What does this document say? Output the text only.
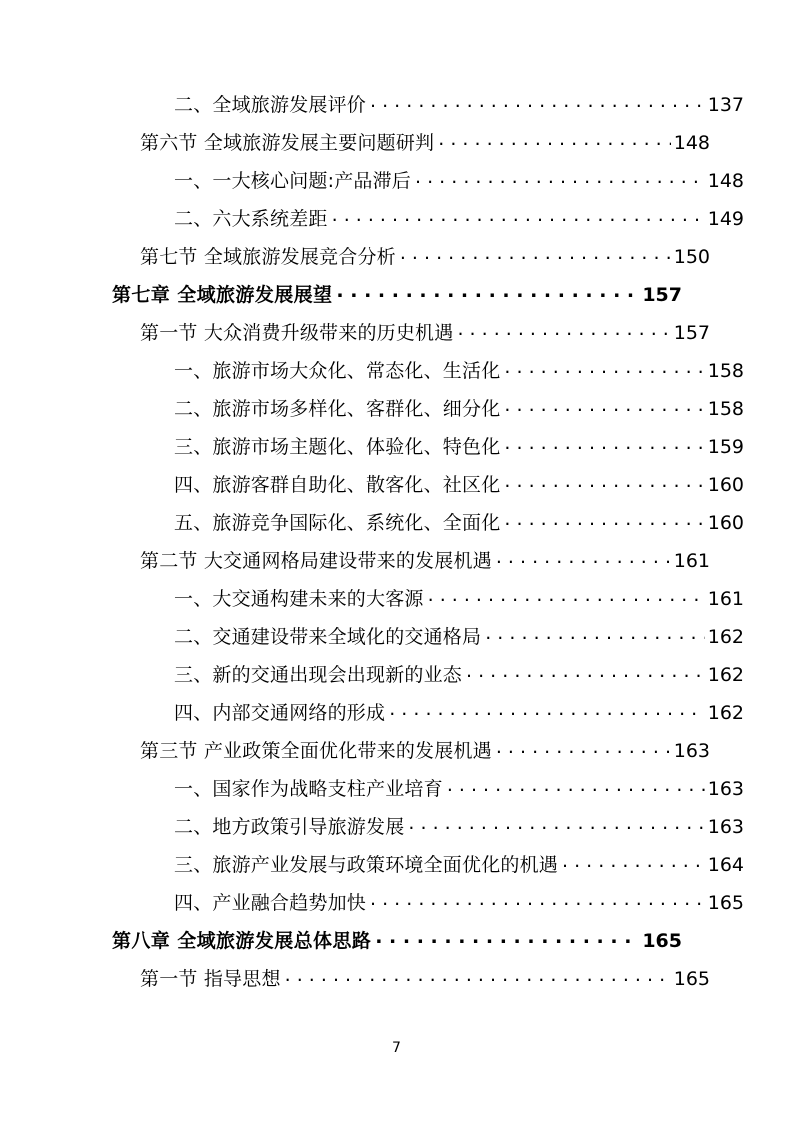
二、全域旅游发展评价 . . .	137
第六节 全域旅游发展主要问题研判 . . .	148
一、一大核心问题:产品滞后 . . .	148
二、六大系统差距 . . .	149
第七节 全域旅游发展竞合分析 . . .	150
第七章 全域旅游发展展望 . . .	157
第一节 大众消费升级带来的历史机遇 . . .	157
一、旅游市场大众化、常态化、生活化 . . .	158
二、旅游市场多样化、客群化、细分化 . . .	158
三、旅游市场主题化、体验化、特色化 . . .	159
四、旅游客群自助化、散客化、社区化 . . .	160
五、旅游竞争国际化、系统化、全面化 . . .	160
第二节 大交通网格局建设带来的发展机遇 . . .	161
一、大交通构建未来的大客源 . . .	161
二、交通建设带来全域化的交通格局 . . .	162
三、新的交通出现会出现新的业态 . . .	162
四、内部交通网络的形成 . . .	162
第三节 产业政策全面优化带来的发展机遇 . . .	163
一、国家作为战略支柱产业培育 . . .	163
二、地方政策引导旅游发展 . . .	163
三、旅游产业发展与政策环境全面优化的机遇 . . .	164
四、产业融合趋势加快 . . .	165
第八章 全域旅游发展总体思路 . . .	165
第一节 指导思想 . . .	165
7
